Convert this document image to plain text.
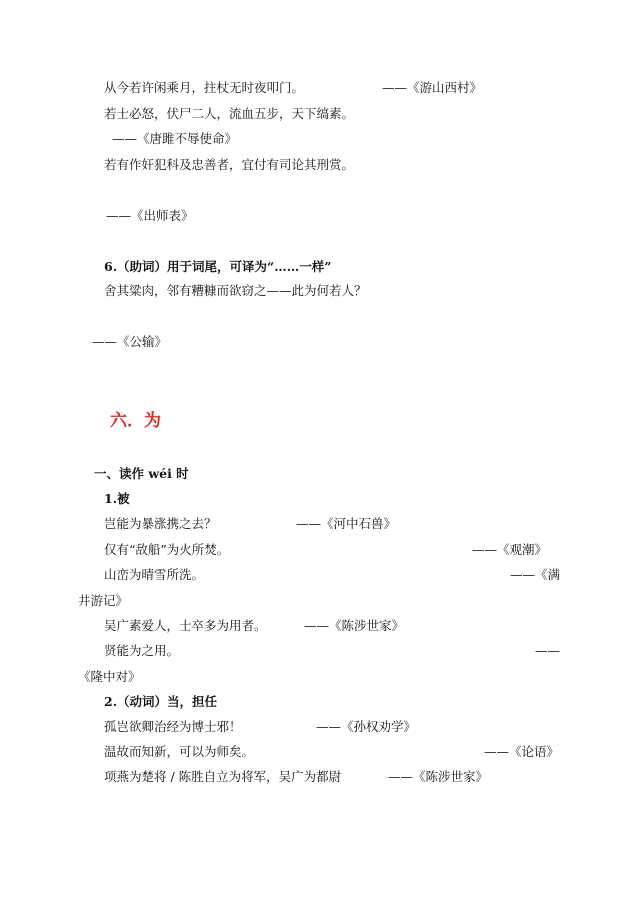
从今若许闲乘月，拄杖无时夜叩门。	——《游山西村》
若士必怒，伏尸二人，流血五步，天下缟素。
——《唐雎不辱使命》
若有作奸犯科及忠善者，宜付有司论其刑赏。
——《出师表》
6.（助词）用于词尾，可译为“……一样”
舍其粱肉，邻有糟糠而欲窃之——此为何若人？
——《公输》
六．为
一、读作 wéi 时
1.被
岂能为暴涨携之去？	——《河中石兽》
仅有“敌船”为火所焚。	——《观潮》
山峦为晴雪所洗。	——《满
井游记》
吴广素爱人，士卒多为用者。	——《陈涉世家》
贤能为之用。	——
《隆中对》
2.（动词）当，担任
孤岂欲卿治经为博士邪！	——《孙权劝学》
温故而知新，可以为师矣。	——《论语》
项燕为楚将 / 陈胜自立为将军，吴广为都尉	——《陈涉世家》
